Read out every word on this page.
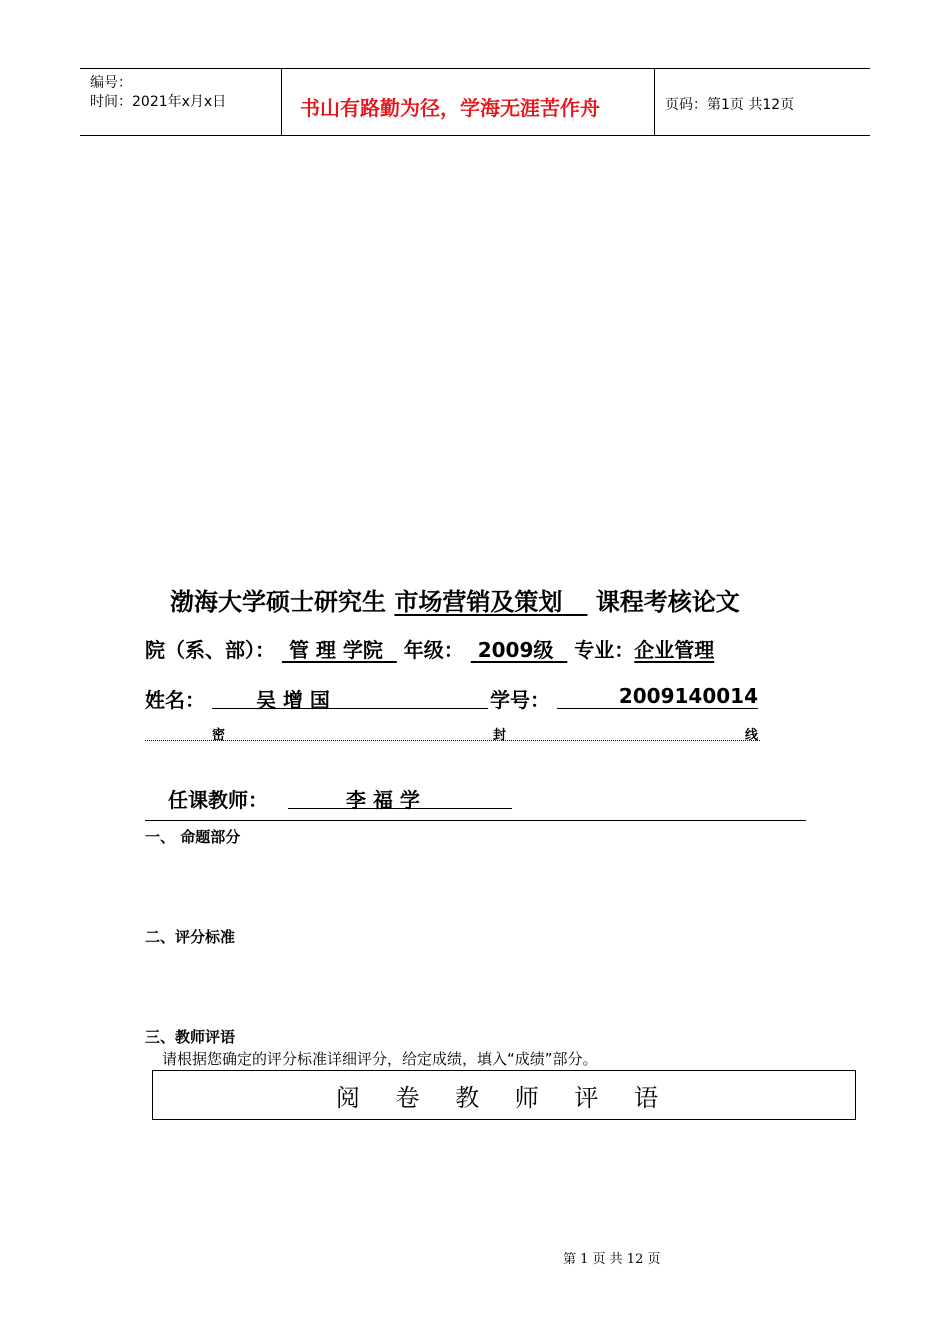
编号：
时间：2021年x月x日	书山有路勤为径，学海无涯苦作舟	页码：第1页 共12页
渤海大学硕士研究生 市场营销及策划 课程考核论文
院（系、部）： 管 理 学院 年级： 2009级 专业：企业管理
姓名：	吴 增 国	学号：	2009140014
密	封	线
任课教师：	李 福 学
一、 命题部分
二、评分标准
三、教师评语
请根据您确定的评分标准详细评分，给定成绩，填入“成绩”部分。
阅 卷 教 师 评 语
第 1 页 共 12 页
